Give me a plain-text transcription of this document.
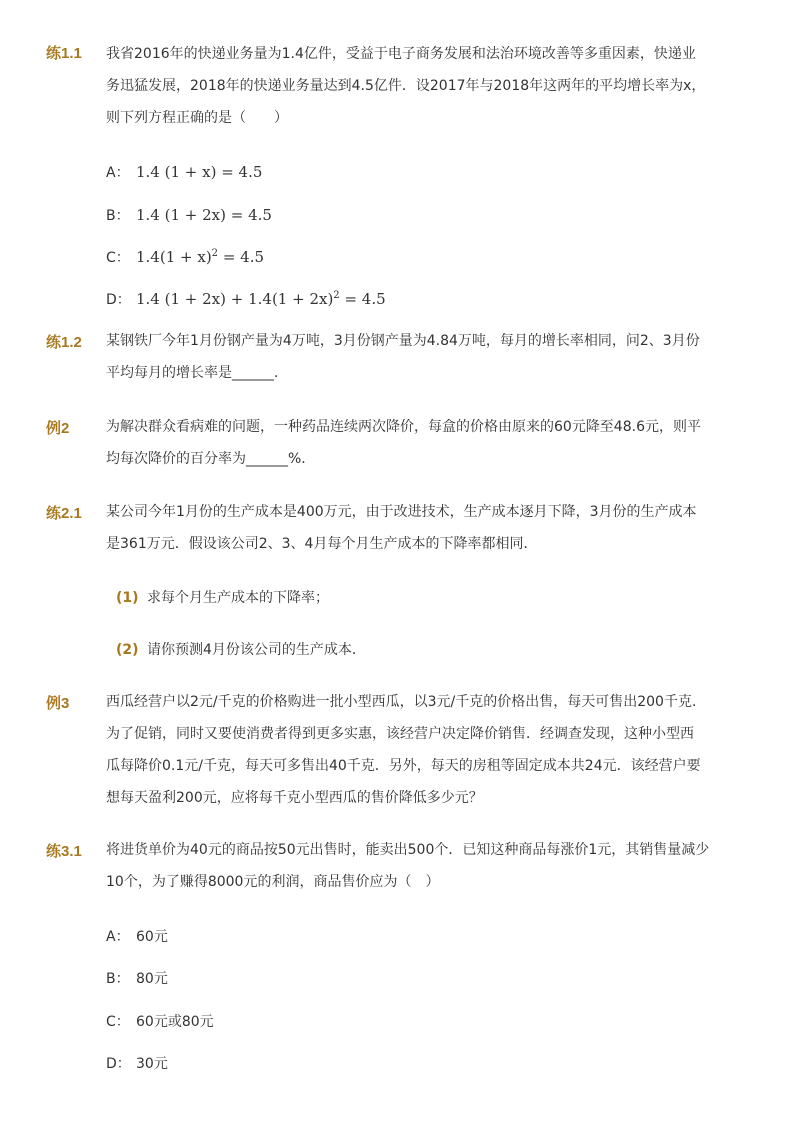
练1.1 我省2016年的快递业务量为1.4亿件，受益于电子商务发展和法治环境改善等多重因素，快递业
务迅猛发展，2018年的快递业务量达到4.5亿件．设2017年与2018年这两年的平均增长率为x，
则下列方程正确的是（　　）
A： 1.4 (1 + x) = 4.5
B： 1.4 (1 + 2x) = 4.5
C： $1.4(1 + x)^2 = 4.5$
D： 1.4 $(1 + 2x) + 1.4(1 + 2x)^2 = 4.5$
练1.2 某钢铁厂今年1月份钢产量为4万吨，3月份钢产量为4.84万吨，每月的增长率相同，问2、3月份
平均每月的增长率是______．
例2	为解决群众看病难的问题，一种药品连续两次降价，每盒的价格由原来的60元降至48.6元，则平
均每次降价的百分率为______%．
练2.1 某公司今年1月份的生产成本是400万元，由于改进技术，生产成本逐月下降，3月份的生产成本
是361万元．假设该公司2、3、4月每个月生产成本的下降率都相同．
(1) 求每个月生产成本的下降率；
(2) 请你预测4月份该公司的生产成本．
例3	西瓜经营户以2元/千克的价格购进一批小型西瓜，以3元/千克的价格出售，每天可售出200千克．
为了促销，同时又要使消费者得到更多实惠，该经营户决定降价销售．经调查发现，这种小型西
瓜每降价0.1元/千克，每天可多售出40千克．另外，每天的房租等固定成本共24元．该经营户要
想每天盈利200元，应将每千克小型西瓜的售价降低多少元？
练3.1 将进货单价为40元的商品按50元出售时，能卖出500个．已知这种商品每涨价1元，其销售量减少
10个，为了赚得8000元的利润，商品售价应为（　）
A： 60元
B： 80元
C： 60元或80元
D： 30元
